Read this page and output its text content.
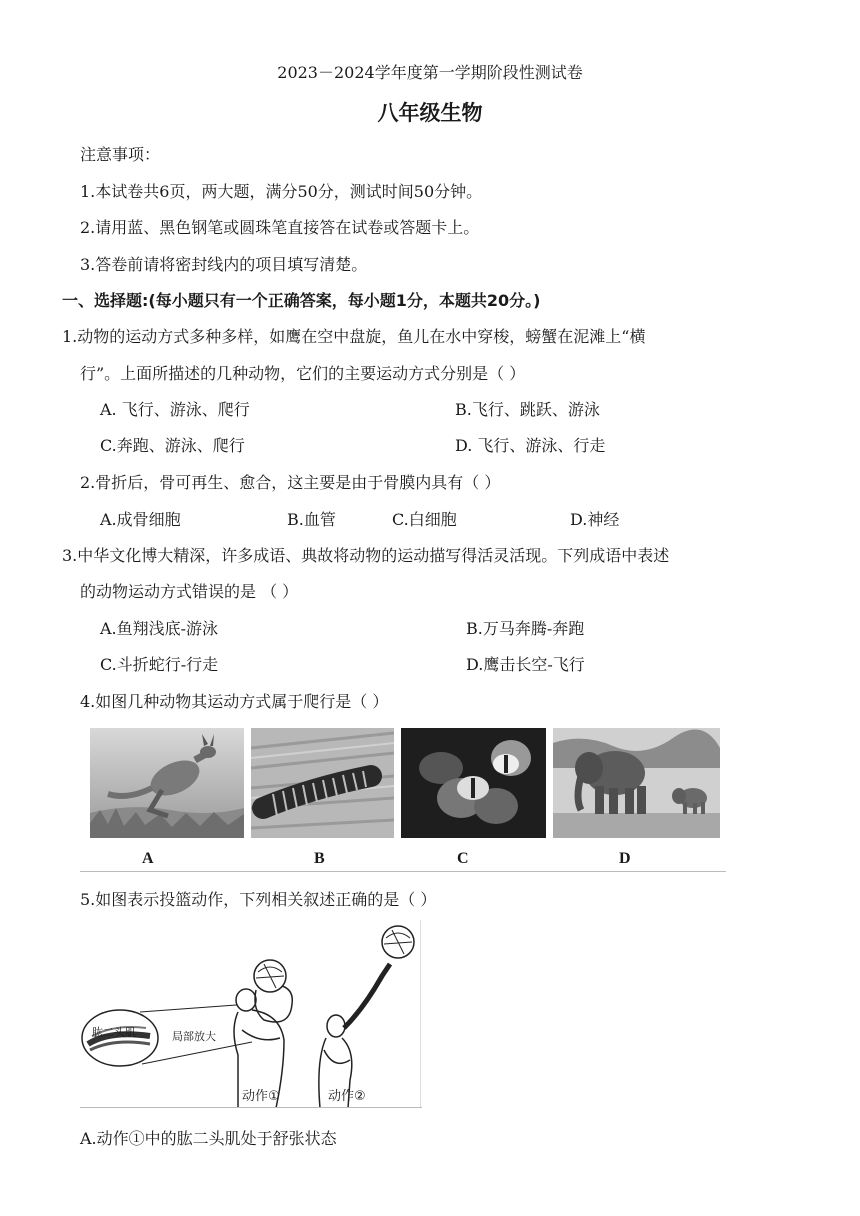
2023－2024学年度第一学期阶段性测试卷
八年级生物
注意事项：
1.本试卷共6页，两大题，满分50分，测试时间50分钟。
2.请用蓝、黑色钢笔或圆珠笔直接答在试卷或答题卡上。
3.答卷前请将密封线内的项目填写清楚。
一、选择题:(每小题只有一个正确答案，每小题1分，本题共20分。)
1.动物的运动方式多种多样，如鹰在空中盘旋，鱼儿在水中穿梭，螃蟹在泥滩上“横
行”。上面所描述的几种动物，它们的主要运动方式分别是（ ）
A. 飞行、游泳、爬行	B.飞行、跳跃、游泳
C.奔跑、游泳、爬行	D. 飞行、游泳、行走
2.骨折后，骨可再生、愈合，这主要是由于骨膜内具有（ ）
A.成骨细胞	B.血管	C.白细胞	D.神经
3.中华文化博大精深，许多成语、典故将动物的运动描写得活灵活现。下列成语中表述
的动物运动方式错误的是 （ ）
A.鱼翔浅底-游泳	B.万马奔腾-奔跑
C.斗折蛇行-行走	D.鹰击长空-飞行
4.如图几种动物其运动方式属于爬行是（ ）
A	B	C	D
5.如图表示投篮动作，下列相关叙述正确的是（ ）
肱二头肌	局部放大
动作①	动作②
A.动作①中的肱二头肌处于舒张状态
